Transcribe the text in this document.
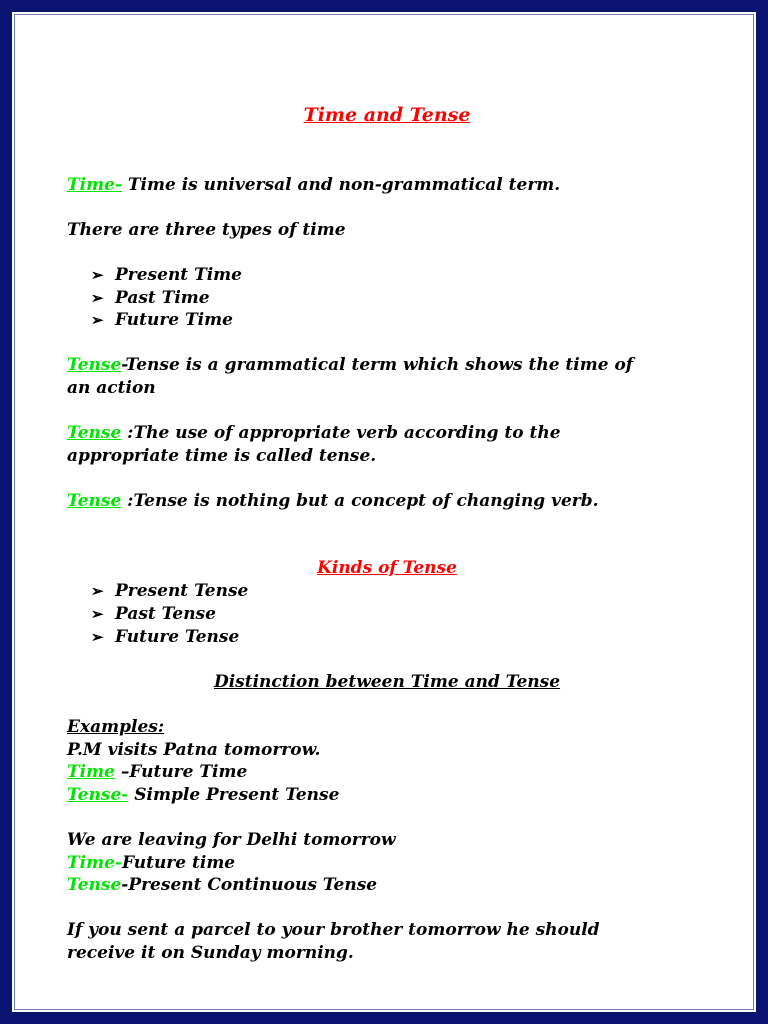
Time and Tense
Time- Time is universal and non-grammatical term.
There are three types of time
➢ Present Time
➢ Past Time
➢ Future Time
Tense-Tense is a grammatical term which shows the time of
an action
Tense :The use of appropriate verb according to the
appropriate time is called tense.
Tense :Tense is nothing but a concept of changing verb.
Kinds of Tense
➢ Present Tense
➢ Past Tense
➢ Future Tense
Distinction between Time and Tense
Examples:
P.M visits Patna tomorrow.
Time –Future Time
Tense- Simple Present Tense
We are leaving for Delhi tomorrow
Time-Future time
Tense-Present Continuous Tense
If you sent a parcel to your brother tomorrow he should
receive it on Sunday morning.
